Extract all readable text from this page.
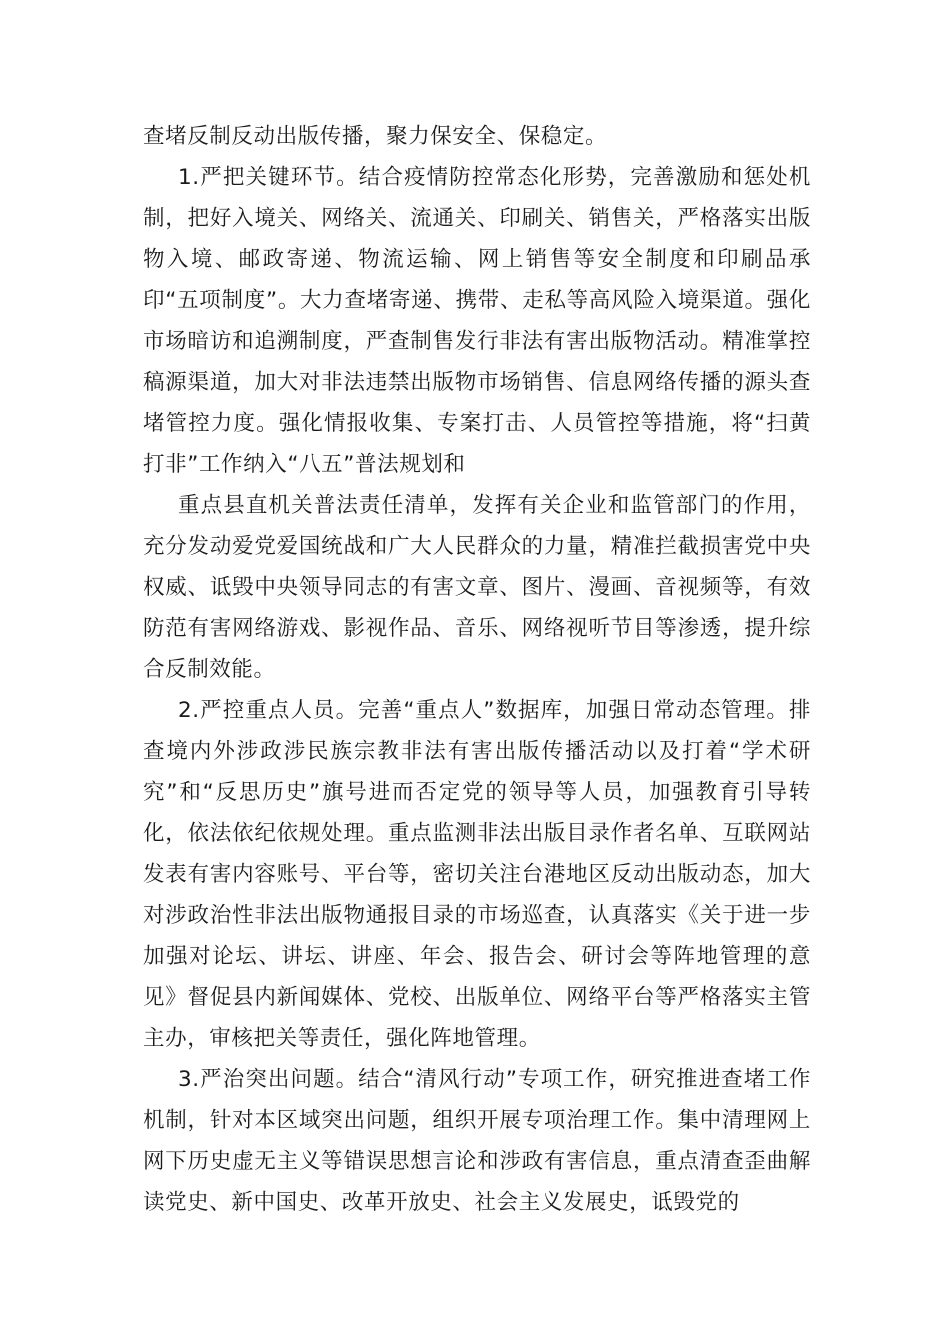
查堵反制反动出版传播，聚力保安全、保稳定。

1.严把关键环节。结合疫情防控常态化形势，完善激励和惩处机制，把好入境关、网络关、流通关、印刷关、销售关，严格落实出版物入境、邮政寄递、物流运输、网上销售等安全制度和印刷品承印“五项制度”。大力查堵寄递、携带、走私等高风险入境渠道。强化市场暗访和追溯制度，严查制售发行非法有害出版物活动。精准掌控稿源渠道，加大对非法违禁出版物市场销售、信息网络传播的源头查堵管控力度。强化情报收集、专案打击、人员管控等措施，将“扫黄打非”工作纳入“八五”普法规划和

重点县直机关普法责任清单，发挥有关企业和监管部门的作用，充分发动爱党爱国统战和广大人民群众的力量，精准拦截损害党中央权威、诋毁中央领导同志的有害文章、图片、漫画、音视频等，有效防范有害网络游戏、影视作品、音乐、网络视听节目等渗透，提升综合反制效能。

2.严控重点人员。完善“重点人”数据库，加强日常动态管理。排查境内外涉政涉民族宗教非法有害出版传播活动以及打着“学术研究”和“反思历史”旗号进而否定党的领导等人员，加强教育引导转化，依法依纪依规处理。重点监测非法出版目录作者名单、互联网站发表有害内容账号、平台等，密切关注台港地区反动出版动态，加大对涉政治性非法出版物通报目录的市场巡查，认真落实《关于进一步加强对论坛、讲坛、讲座、年会、报告会、研讨会等阵地管理的意见》督促县内新闻媒体、党校、出版单位、网络平台等严格落实主管主办，审核把关等责任，强化阵地管理。

3.严治突出问题。结合“清风行动”专项工作，研究推进查堵工作机制，针对本区域突出问题，组织开展专项治理工作。集中清理网上网下历史虚无主义等错误思想言论和涉政有害信息，重点清查歪曲解读党史、新中国史、改革开放史、社会主义发展史，诋毁党的
